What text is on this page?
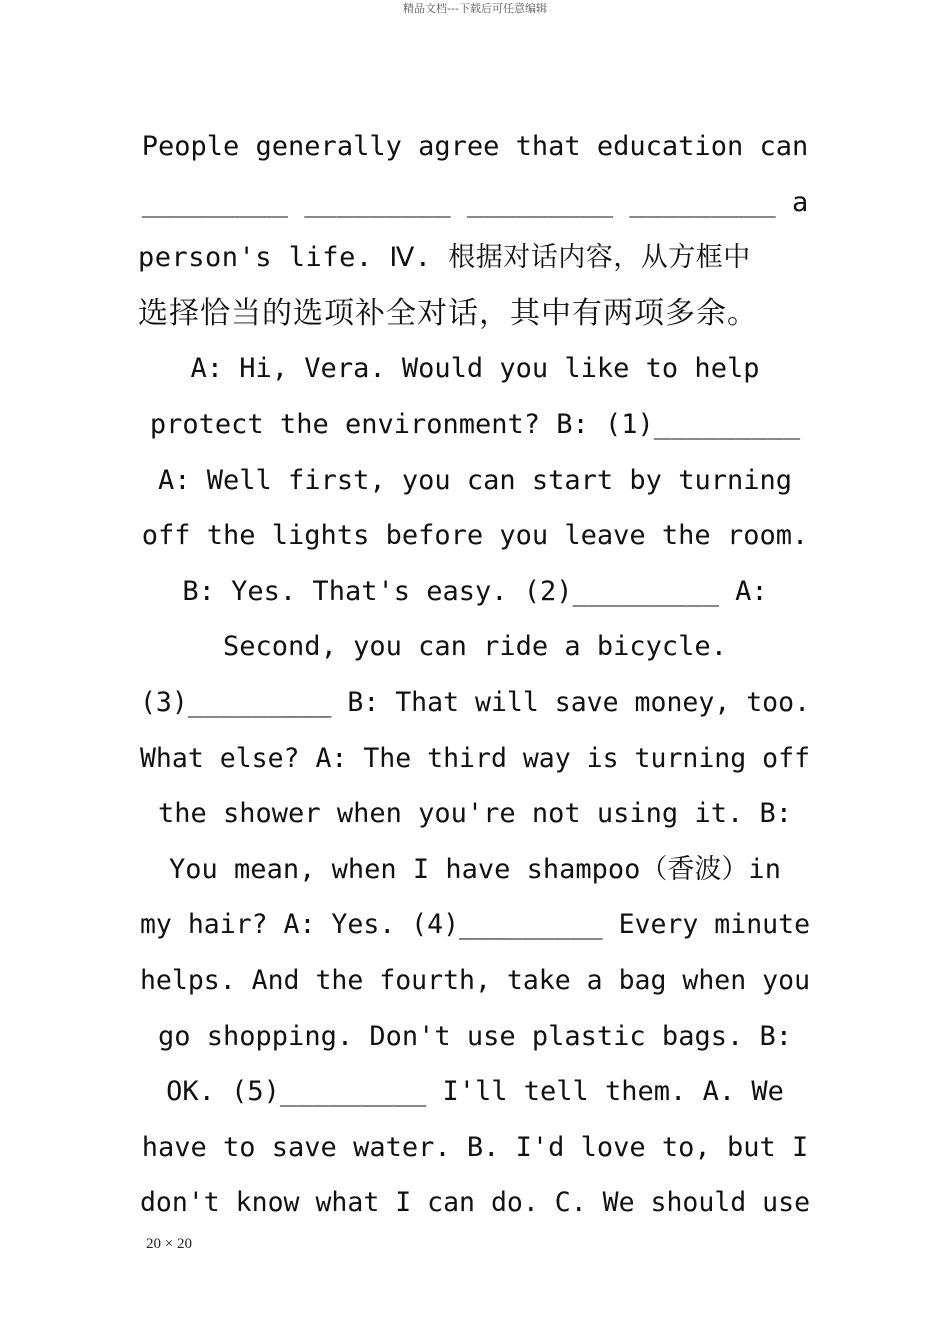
精品文档---下载后可任意编辑
People generally agree that education can
_________ _________ _________ _________ a
person's life. Ⅳ. 根据对话内容，从方框中
选择恰当的选项补全对话，其中有两项多余。
A: Hi, Vera. Would you like to help
protect the environment? B: (1)_________
A: Well first, you can start by turning
off the lights before you leave the room.
B: Yes. That's easy. (2)_________ A:
Second, you can ride a bicycle.
(3)_________ B: That will save money, too.
What else? A: The third way is turning off
the shower when you're not using it. B:
You mean, when I have shampoo（香波）in
my hair? A: Yes. (4)_________ Every minute
helps. And the fourth, take a bag when you
go shopping. Don't use plastic bags. B:
OK. (5)_________ I'll tell them. A. We
have to save water. B. I'd love to, but I
don't know what I can do. C. We should use
20 × 20
